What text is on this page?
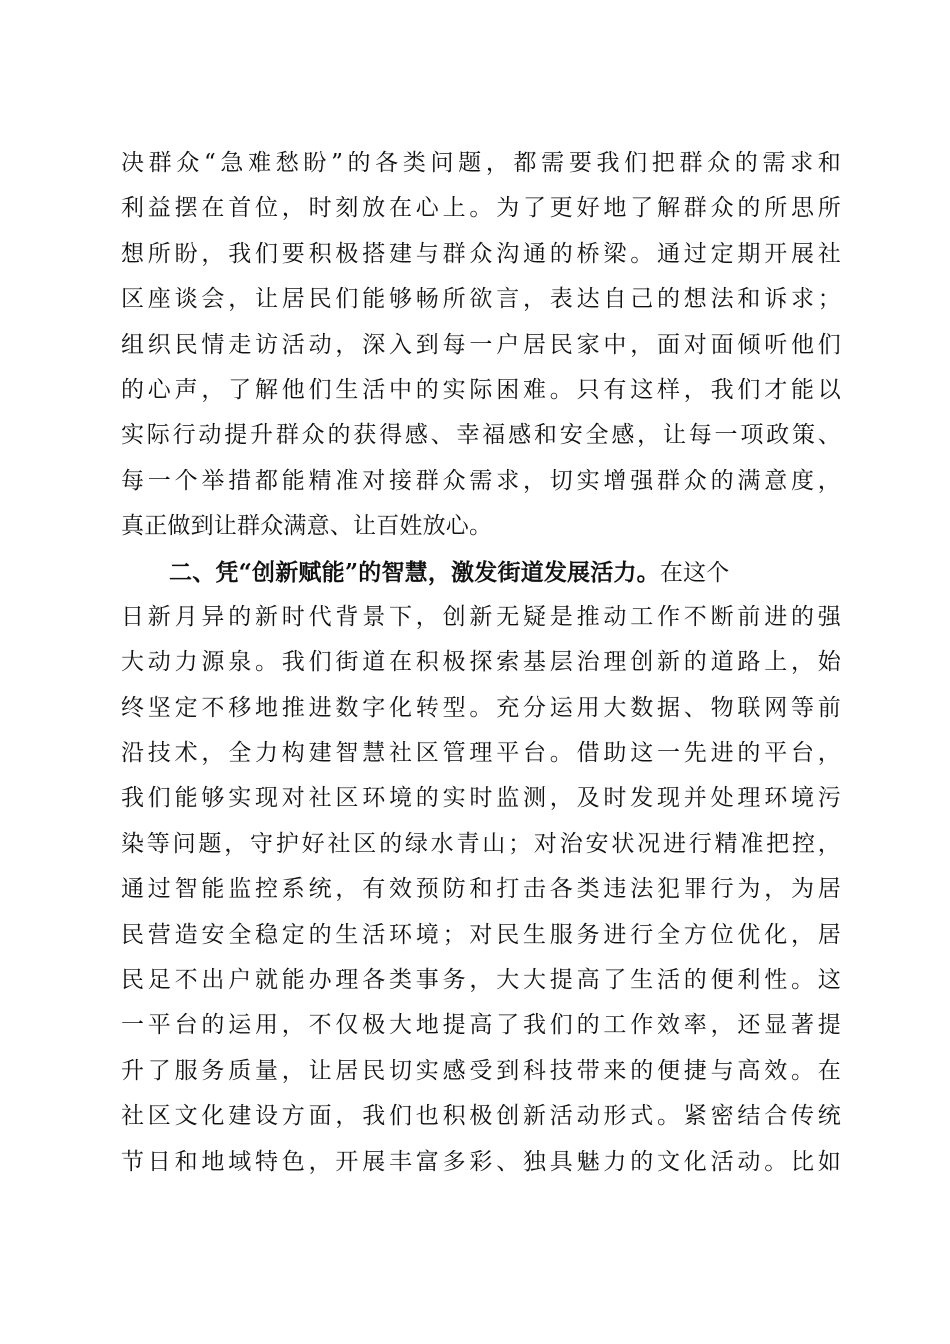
决群众“急难愁盼”的各类问题，都需要我们把群众的需求和
利益摆在首位，时刻放在心上。为了更好地了解群众的所思所
想所盼，我们要积极搭建与群众沟通的桥梁。通过定期开展社
区座谈会，让居民们能够畅所欲言，表达自己的想法和诉求；
组织民情走访活动，深入到每一户居民家中，面对面倾听他们
的心声，了解他们生活中的实际困难。只有这样，我们才能以
实际行动提升群众的获得感、幸福感和安全感，让每一项政策、
每一个举措都能精准对接群众需求，切实增强群众的满意度，
真正做到让群众满意、让百姓放心。
二、凭“创新赋能”的智慧，激发街道发展活力。在这个
日新月异的新时代背景下，创新无疑是推动工作不断前进的强
大动力源泉。我们街道在积极探索基层治理创新的道路上，始
终坚定不移地推进数字化转型。充分运用大数据、物联网等前
沿技术，全力构建智慧社区管理平台。借助这一先进的平台，
我们能够实现对社区环境的实时监测，及时发现并处理环境污
染等问题，守护好社区的绿水青山；对治安状况进行精准把控，
通过智能监控系统，有效预防和打击各类违法犯罪行为，为居
民营造安全稳定的生活环境；对民生服务进行全方位优化，居
民足不出户就能办理各类事务，大大提高了生活的便利性。这
一平台的运用，不仅极大地提高了我们的工作效率，还显著提
升了服务质量，让居民切实感受到科技带来的便捷与高效。在
社区文化建设方面，我们也积极创新活动形式。紧密结合传统
节日和地域特色，开展丰富多彩、独具魅力的文化活动。比如
